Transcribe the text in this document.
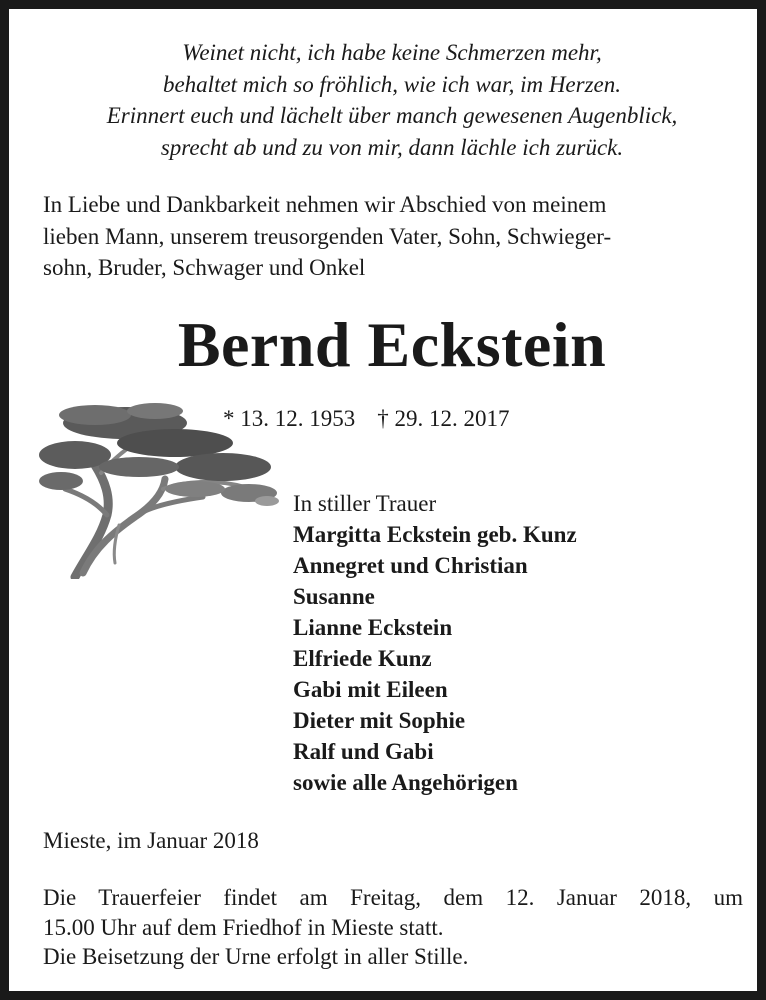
Weinet nicht, ich habe keine Schmerzen mehr,
behaltet mich so fröhlich, wie ich war, im Herzen.
Erinnert euch und lächelt über manch gewesenen Augenblick,
sprecht ab und zu von mir, dann lächle ich zurück.
In Liebe und Dankbarkeit nehmen wir Abschied von meinem
lieben Mann, unserem treusorgenden Vater, Sohn, Schwieger-
sohn, Bruder, Schwager und Onkel
Bernd Eckstein
* 13. 12. 1953 † 29. 12. 2017
In stiller Trauer
Margitta Eckstein geb. Kunz
Annegret und Christian
Susanne
Lianne Eckstein
Elfriede Kunz
Gabi mit Eileen
Dieter mit Sophie
Ralf und Gabi
sowie alle Angehörigen
Mieste, im Januar 2018
Die Trauerfeier findet am Freitag, dem 12. Januar 2018, um
15.00 Uhr auf dem Friedhof in Mieste statt.
Die Beisetzung der Urne erfolgt in aller Stille.
